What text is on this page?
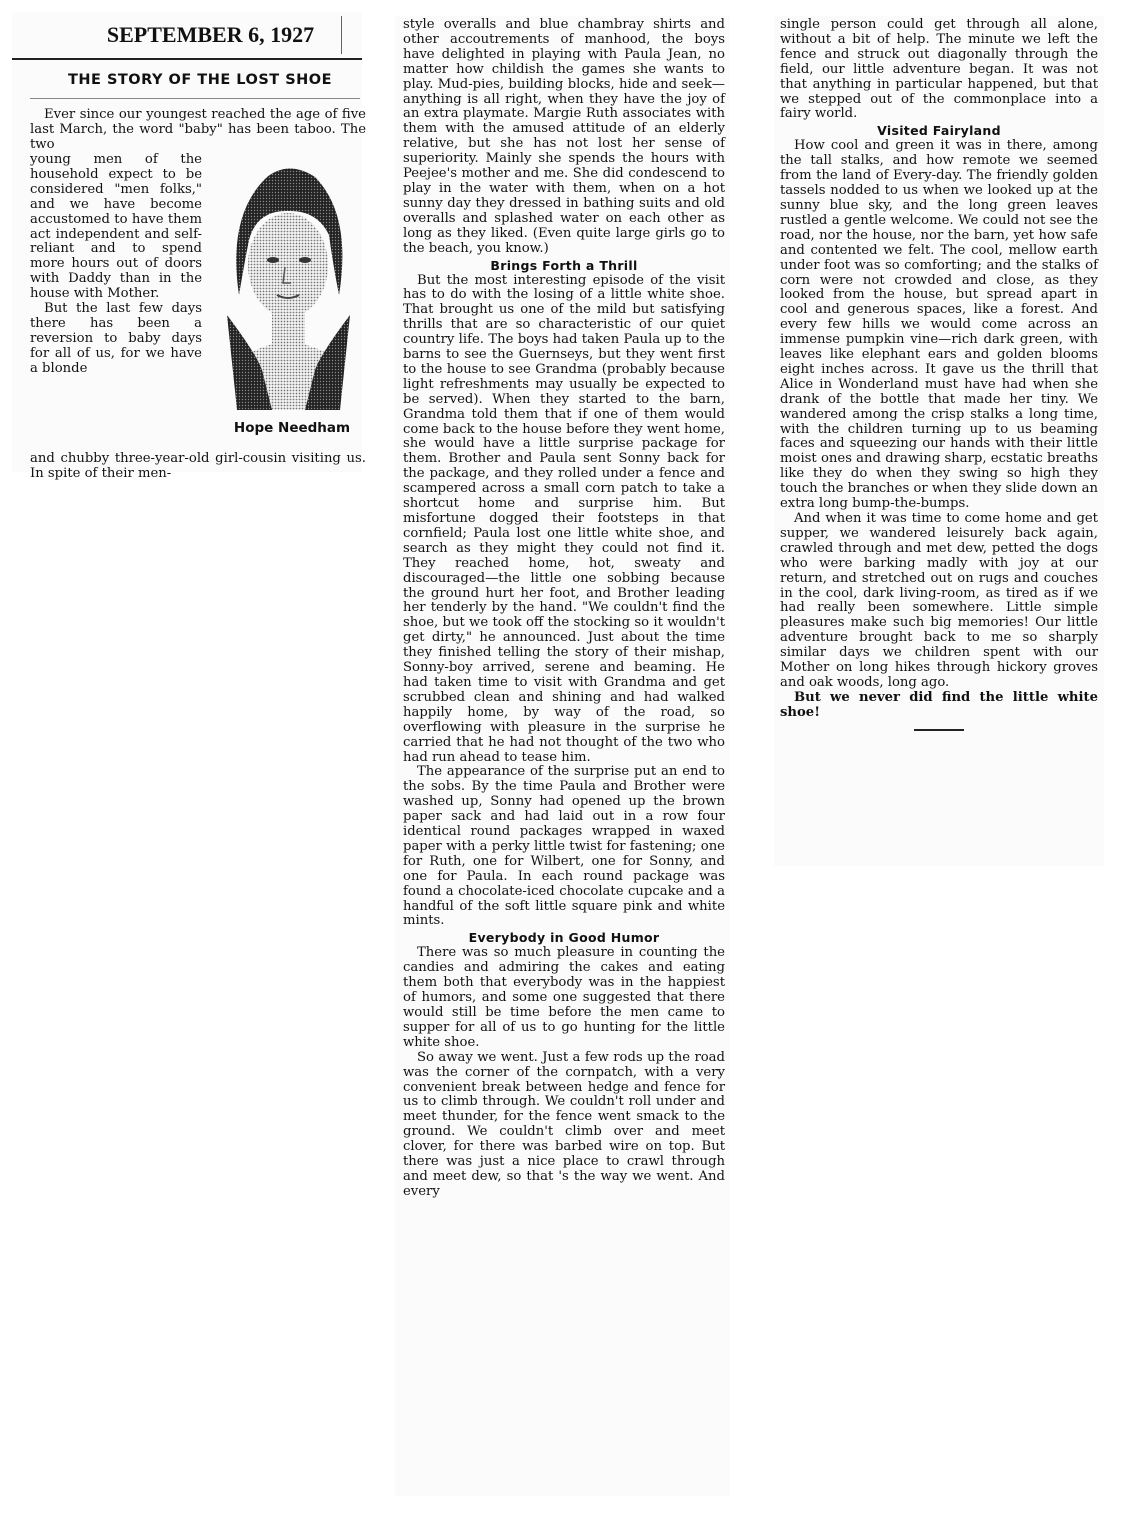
SEPTEMBER 6, 1927
THE STORY OF THE LOST SHOE

Ever since our youngest reached the age of five last March, the word "baby" has been taboo. The two

young men of the household expect to be considered "men folks," and we have become accustomed to have them act independent and self-reliant and to spend more hours out of doors with Daddy than in the house with Mother.

But the last few days there has been a reversion to baby days for all of us, for we have a blonde

Hope Needham

and chubby three-year-old girl-cousin visiting us. In spite of their men-

style overalls and blue chambray shirts and other accoutrements of manhood, the boys have delighted in playing with Paula Jean, no matter how childish the games she wants to play. Mud-pies, building blocks, hide and seek—anything is all right, when they have the joy of an extra playmate. Margie Ruth associates with them with the amused attitude of an elderly relative, but she has not lost her sense of superiority. Mainly she spends the hours with Peejee's mother and me. She did condescend to play in the water with them, when on a hot sunny day they dressed in bathing suits and old overalls and splashed water on each other as long as they liked. (Even quite large girls go to the beach, you know.)

Brings Forth a Thrill

But the most interesting episode of the visit has to do with the losing of a little white shoe. That brought us one of the mild but satisfying thrills that are so characteristic of our quiet country life. The boys had taken Paula up to the barns to see the Guernseys, but they went first to the house to see Grandma (probably because light refreshments may usually be expected to be served). When they started to the barn, Grandma told them that if one of them would come back to the house before they went home, she would have a little surprise package for them. Brother and Paula sent Sonny back for the package, and they rolled under a fence and scampered across a small corn patch to take a shortcut home and surprise him. But misfortune dogged their footsteps in that cornfield; Paula lost one little white shoe, and search as they might they could not find it. They reached home, hot, sweaty and discouraged—the little one sobbing because the ground hurt her foot, and Brother leading her tenderly by the hand. "We couldn't find the shoe, but we took off the stocking so it wouldn't get dirty," he announced. Just about the time they finished telling the story of their mishap, Sonny-boy arrived, serene and beaming. He had taken time to visit with Grandma and get scrubbed clean and shining and had walked happily home, by way of the road, so overflowing with pleasure in the surprise he carried that he had not thought of the two who had run ahead to tease him.

The appearance of the surprise put an end to the sobs. By the time Paula and Brother were washed up, Sonny had opened up the brown paper sack and had laid out in a row four identical round packages wrapped in waxed paper with a perky little twist for fastening; one for Ruth, one for Wilbert, one for Sonny, and one for Paula. In each round package was found a chocolate-iced chocolate cupcake and a handful of the soft little square pink and white mints.

Everybody in Good Humor

There was so much pleasure in counting the candies and admiring the cakes and eating them both that everybody was in the happiest of humors, and some one suggested that there would still be time before the men came to supper for all of us to go hunting for the little white shoe.

So away we went. Just a few rods up the road was the corner of the cornpatch, with a very convenient break between hedge and fence for us to climb through. We couldn't roll under and meet thunder, for the fence went smack to the ground. We couldn't climb over and meet clover, for there was barbed wire on top. But there was just a nice place to crawl through and meet dew, so that 's the way we went. And every

single person could get through all alone, without a bit of help. The minute we left the fence and struck out diagonally through the field, our little adventure began. It was not that anything in particular happened, but that we stepped out of the commonplace into a fairy world.

Visited Fairyland

How cool and green it was in there, among the tall stalks, and how remote we seemed from the land of Every-day. The friendly golden tassels nodded to us when we looked up at the sunny blue sky, and the long green leaves rustled a gentle welcome. We could not see the road, nor the house, nor the barn, yet how safe and contented we felt. The cool, mellow earth under foot was so comforting; and the stalks of corn were not crowded and close, as they looked from the house, but spread apart in cool and generous spaces, like a forest. And every few hills we would come across an immense pumpkin vine—rich dark green, with leaves like elephant ears and golden blooms eight inches across. It gave us the thrill that Alice in Wonderland must have had when she drank of the bottle that made her tiny. We wandered among the crisp stalks a long time, with the children turning up to us beaming faces and squeezing our hands with their little moist ones and drawing sharp, ecstatic breaths like they do when they swing so high they touch the branches or when they slide down an extra long bump-the-bumps.

And when it was time to come home and get supper, we wandered leisurely back again, crawled through and met dew, petted the dogs who were barking madly with joy at our return, and stretched out on rugs and couches in the cool, dark living-room, as tired as if we had really been somewhere. Little simple pleasures make such big memories! Our little adventure brought back to me so sharply similar days we children spent with our Mother on long hikes through hickory groves and oak woods, long ago.

But we never did find the little white shoe!
